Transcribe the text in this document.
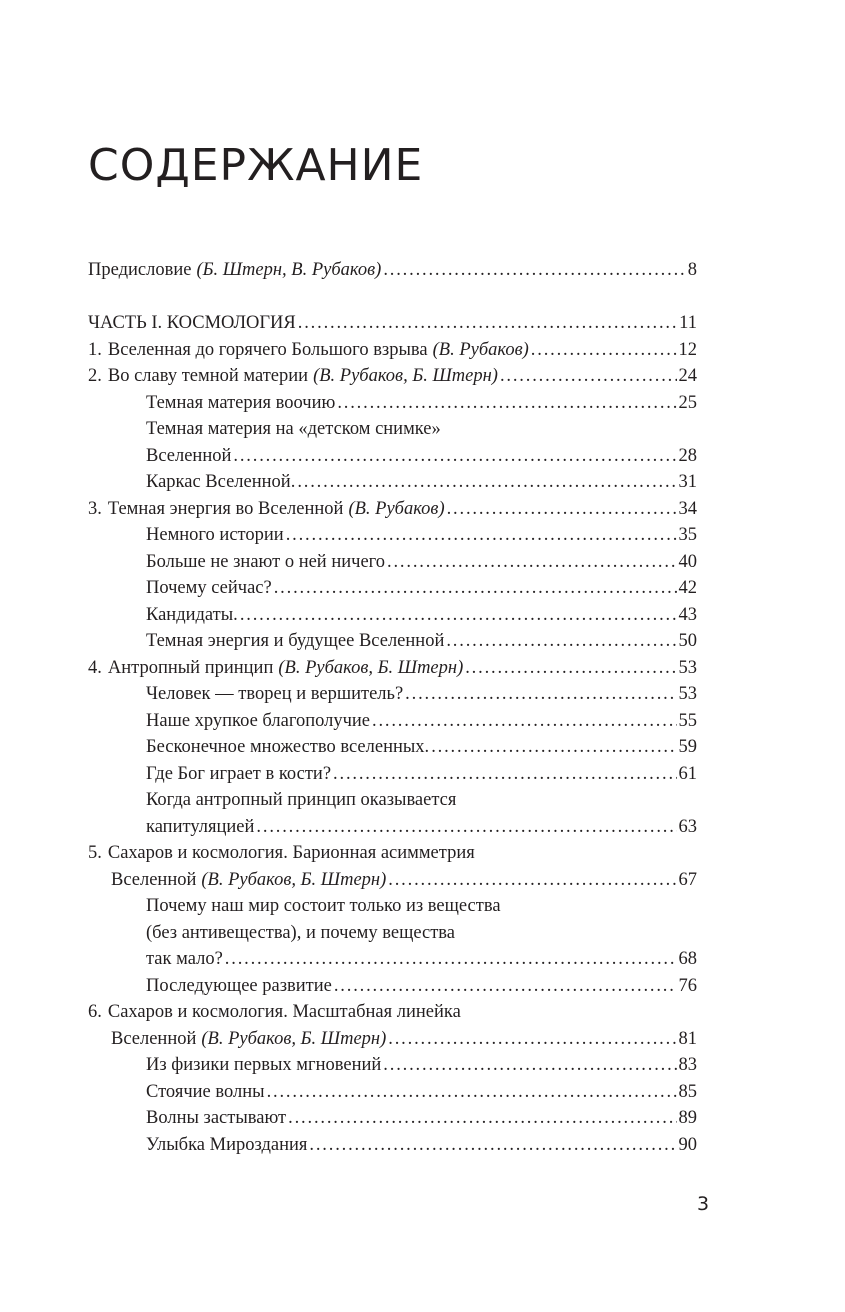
СОДЕРЖАНИЕ
Предисловие (Б. Штерн, В. Рубаков) . . .	8
ЧАСТЬ I. КОСМОЛОГИЯ . . .	11
1. Вселенная до горячего Большого взрыва (В. Рубаков) . . .	12
2. Во славу темной материи (В. Рубаков, Б. Штерн) . . .	24
Темная материя воочию . . .	25
Темная материя на «детском снимке»
Вселенной . . .	28
Каркас Вселенной. . . .	31
3. Темная энергия во Вселенной (В. Рубаков) . . .	34
Немного истории . . .	35
Больше не знают о ней ничего . . .	40
Почему сейчас? . . .	42
Кандидаты. . . .	43
Темная энергия и будущее Вселенной . . .	50
4. Антропный принцип (В. Рубаков, Б. Штерн) . . .	53
Человек — творец и вершитель? . . .	53
Наше хрупкое благополучие . . .	55
Бесконечное множество вселенных. . . .	59
Где Бог играет в кости? . . .	61
Когда антропный принцип оказывается
капитуляцией . . .	63
5. Сахаров и космология. Барионная асимметрия
Вселенной (В. Рубаков, Б. Штерн) . . .	67
Почему наш мир состоит только из вещества
(без антивещества), и почему вещества
так мало? . . .	68
Последующее развитие . . .	76
6. Сахаров и космология. Масштабная линейка
Вселенной (В. Рубаков, Б. Штерн) . . .	81
Из физики первых мгновений . . .	83
Стоячие волны . . .	85
Волны застывают . . .	89
Улыбка Мироздания . . .	90
3
